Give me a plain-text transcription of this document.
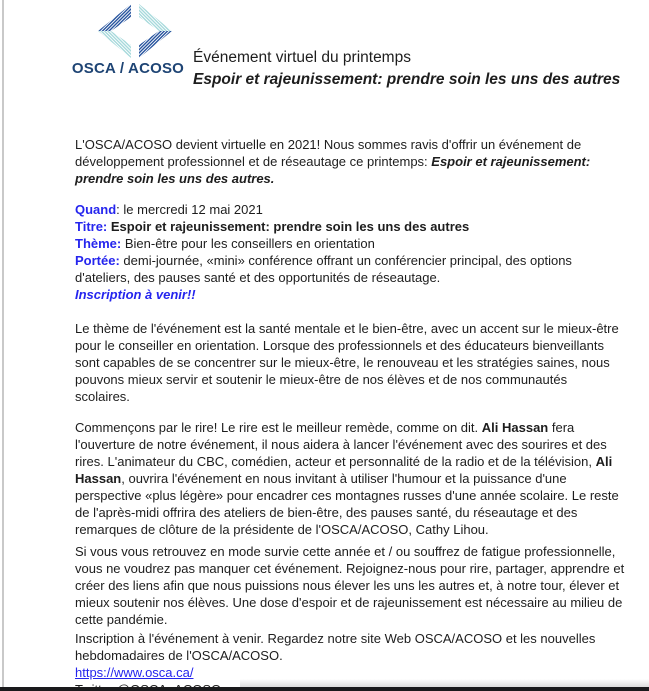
OSCA / ACOSO
Événement virtuel du printemps
Espoir et rajeunissement: prendre soin les uns des autres
L'OSCA/ACOSO devient virtuelle en 2021! Nous sommes ravis d'offrir un événement de développement professionnel et de réseautage ce printemps: Espoir et rajeunissement: prendre soin les uns des autres.
Quand: le mercredi 12 mai 2021
Titre: Espoir et rajeunissement: prendre soin les uns des autres
Thème: Bien-être pour les conseillers en orientation
Portée: demi-journée, «mini» conférence offrant un conférencier principal, des options d'ateliers, des pauses santé et des opportunités de réseautage.
Inscription à venir!!
Le thème de l'événement est la santé mentale et le bien-être, avec un accent sur le mieux-être pour le conseiller en orientation. Lorsque des professionnels et des éducateurs bienveillants sont capables de se concentrer sur le mieux-être, le renouveau et les stratégies saines, nous pouvons mieux servir et soutenir le mieux-être de nos élèves et de nos communautés scolaires.
Commençons par le rire! Le rire est le meilleur remède, comme on dit. Ali Hassan fera l'ouverture de notre événement, il nous aidera à lancer l'événement avec des sourires et des rires. L'animateur du CBC, comédien, acteur et personnalité de la radio et de la télévision, Ali Hassan, ouvrira l'événement en nous invitant à utiliser l'humour et la puissance d'une perspective «plus légère» pour encadrer ces montagnes russes d'une année scolaire. Le reste de l'après-midi offrira des ateliers de bien-être, des pauses santé, du réseautage et des remarques de clôture de la présidente de l'OSCA/ACOSO, Cathy Lihou.
Si vous vous retrouvez en mode survie cette année et / ou souffrez de fatigue professionnelle, vous ne voudrez pas manquer cet événement. Rejoignez-nous pour rire, partager, apprendre et créer des liens afin que nous puissions nous élever les uns les autres et, à notre tour, élever et mieux soutenir nos élèves. Une dose d'espoir et de rajeunissement est nécessaire au milieu de cette pandémie.
Inscription à l'événement à venir. Regardez notre site Web OSCA/ACOSO et les nouvelles hebdomadaires de l'OSCA/ACOSO.
https://www.osca.ca/
